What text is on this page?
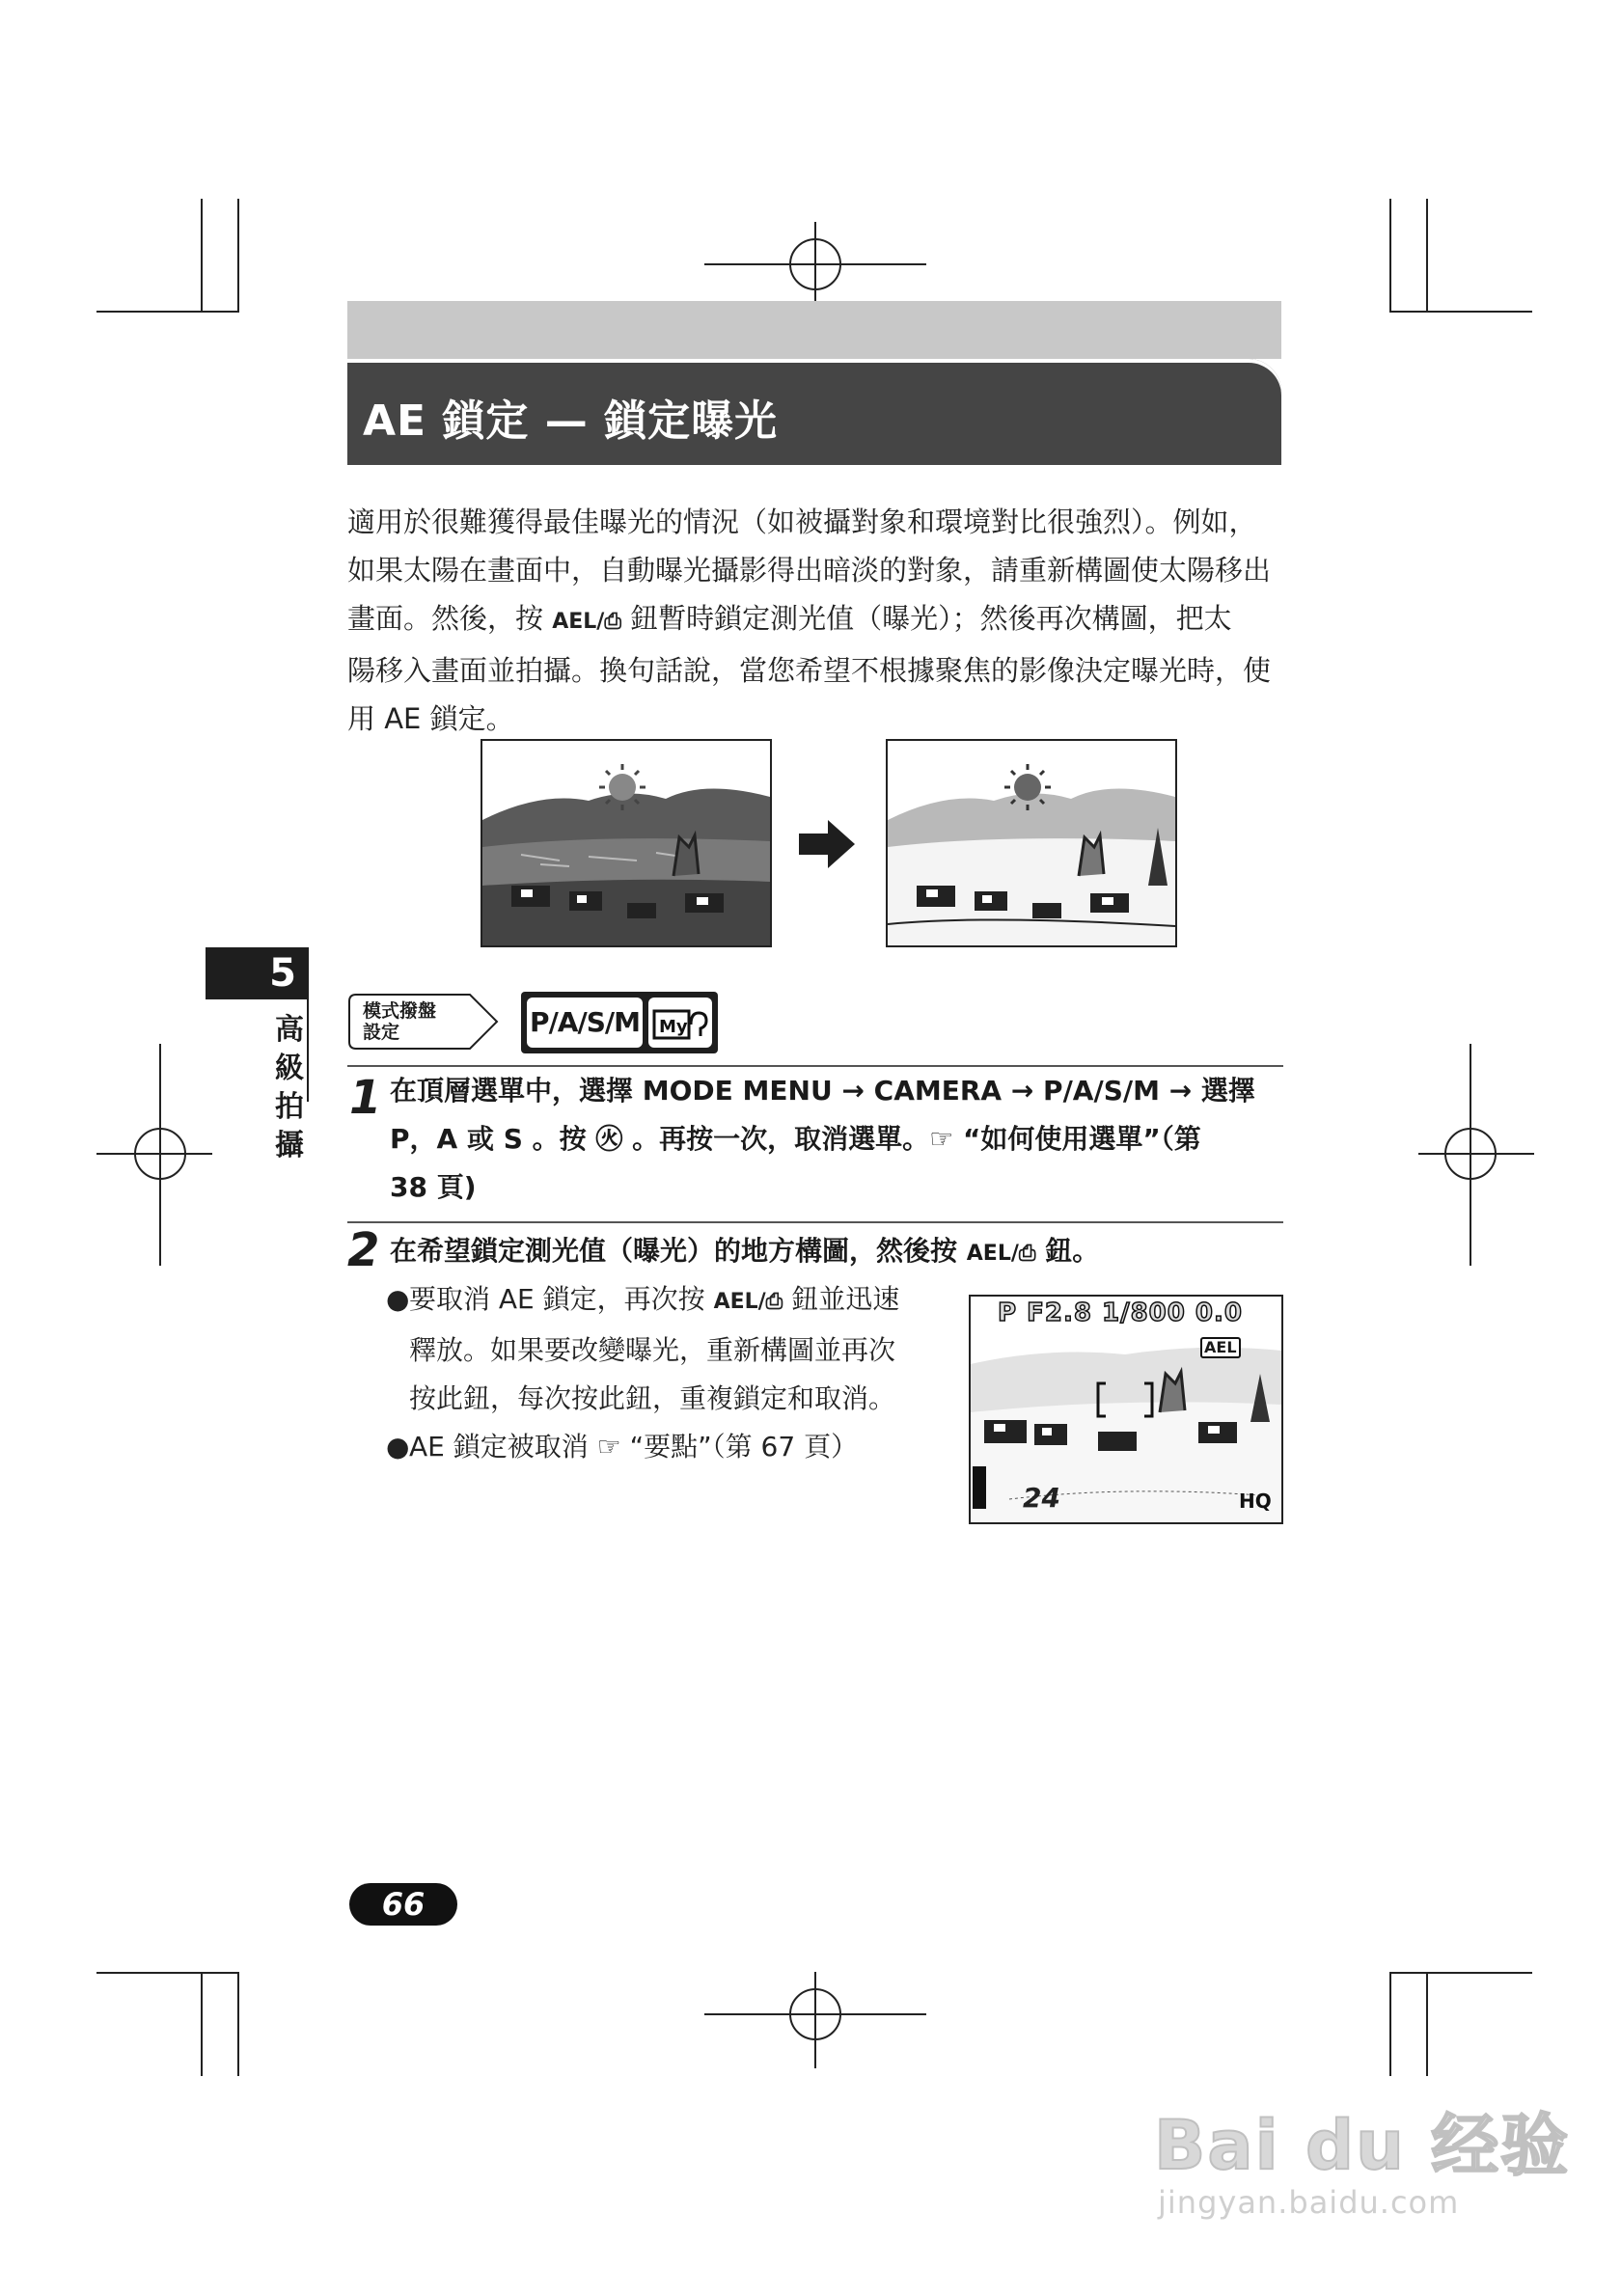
AE 鎖定 — 鎖定曝光

適用於很難獲得最佳曝光的情況（如被攝對象和環境對比很強烈）。例如，

如果太陽在畫面中，自動曝光攝影得出暗淡的對象，請重新構圖使太陽移出

畫面。然後，按 AEL/⎙ 鈕暫時鎖定測光值（曝光）；然後再次構圖，把太

陽移入畫面並拍攝。換句話說，當您希望不根據聚焦的影像決定曝光時，使

用 AE 鎖定。

5
高級拍攝
模式撥盤
設定	P/A/S/M My
1 在頂層選單中，選擇 MODE MENU → CAMERA → P/A/S/M → 選擇

P，A 或 S 。按 ㊋ 。再按一次，取消選單。☞ “如何使用選單”（第

38 頁)

2 在希望鎖定測光值（曝光）的地方構圖，然後按 AEL/⎙ 鈕。

●要取消 AE 鎖定，再次按 AEL/⎙ 鈕並迅速

釋放。如果要改變曝光，重新構圖並再次

按此鈕，每次按此鈕，重複鎖定和取消。

●AE 鎖定被取消 ☞ “要點”（第 67 頁）

P F2.8 1/800 0.0
AEL
24	HQ
66
Bai du 经验
jingyan.baidu.com
